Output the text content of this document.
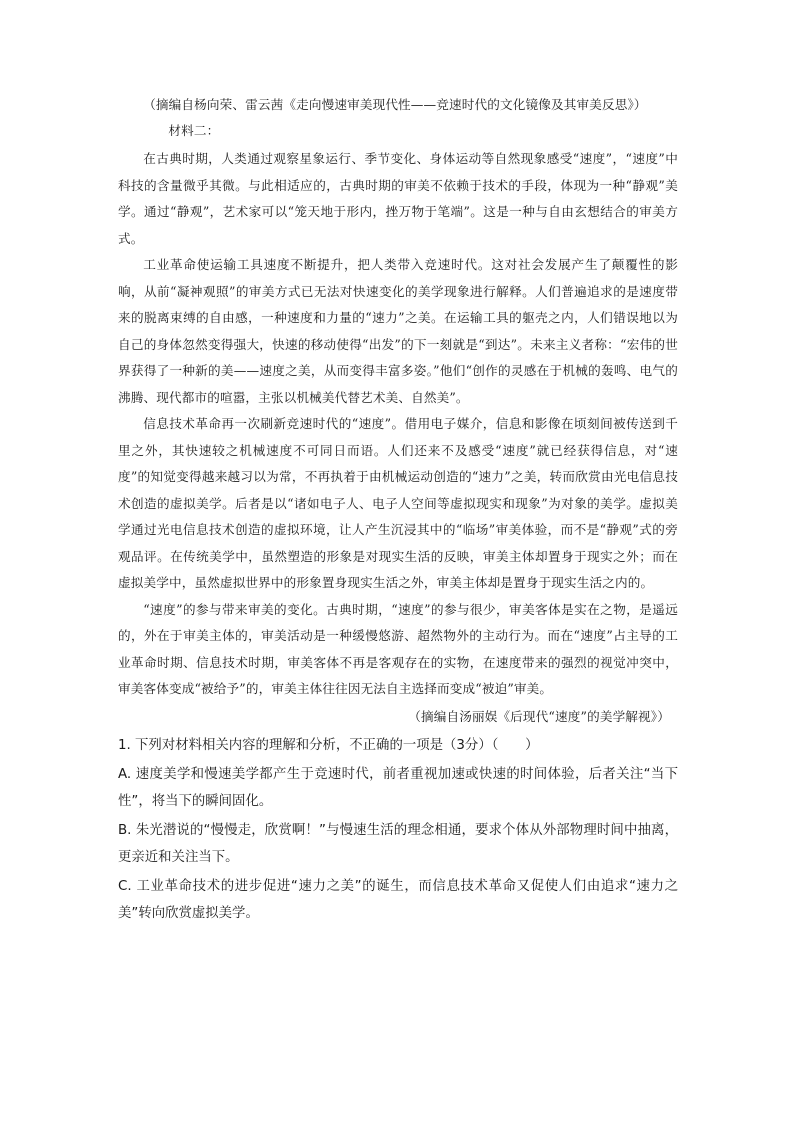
（摘编自杨向荣、雷云茜《走向慢速审美现代性——竞速时代的文化镜像及其审美反思》）

材料二：

在古典时期，人类通过观察星象运行、季节变化、身体运动等自然现象感受“速度”，“速度”中科技的含量微乎其微。与此相适应的，古典时期的审美不依赖于技术的手段，体现为一种“静观”美学。通过“静观”，艺术家可以“笼天地于形内，挫万物于笔端”。这是一种与自由玄想结合的审美方式。

工业革命使运输工具速度不断提升，把人类带入竞速时代。这对社会发展产生了颠覆性的影响，从前“凝神观照”的审美方式已无法对快速变化的美学现象进行解释。人们普遍追求的是速度带来的脱离束缚的自由感，一种速度和力量的“速力”之美。在运输工具的躯壳之内，人们错误地以为自己的身体忽然变得强大，快速的移动使得“出发”的下一刻就是“到达”。未来主义者称：“宏伟的世界获得了一种新的美——速度之美，从而变得丰富多姿。”他们“创作的灵感在于机械的轰鸣、电气的沸腾、现代都市的喧嚣，主张以机械美代替艺术美、自然美”。

信息技术革命再一次刷新竞速时代的“速度”。借用电子媒介，信息和影像在顷刻间被传送到千里之外，其快速较之机械速度不可同日而语。人们还来不及感受“速度”就已经获得信息，对“速度”的知觉变得越来越习以为常，不再执着于由机械运动创造的“速力”之美，转而欣赏由光电信息技术创造的虚拟美学。后者是以“诸如电子人、电子人空间等虚拟现实和现象”为对象的美学。虚拟美学通过光电信息技术创造的虚拟环境，让人产生沉浸其中的“临场”审美体验，而不是“静观”式的旁观品评。在传统美学中，虽然塑造的形象是对现实生活的反映，审美主体却置身于现实之外；而在虚拟美学中，虽然虚拟世界中的形象置身现实生活之外，审美主体却是置身于现实生活之内的。

“速度”的参与带来审美的变化。古典时期，“速度”的参与很少，审美客体是实在之物，是遥远的，外在于审美主体的，审美活动是一种缓慢悠游、超然物外的主动行为。而在“速度”占主导的工业革命时期、信息技术时期，审美客体不再是客观存在的实物，在速度带来的强烈的视觉冲突中，审美客体变成“被给予”的，审美主体往往因无法自主选择而变成“被迫”审美。

（摘编自汤丽娱《后现代“速度”的美学解视》）

1. 下列对材料相关内容的理解和分析，不正确的一项是（3分）（　　）

A. 速度美学和慢速美学都产生于竞速时代，前者重视加速或快速的时间体验，后者关注“当下性”，将当下的瞬间固化。

B. 朱光潜说的“慢慢走，欣赏啊！”与慢速生活的理念相通，要求个体从外部物理时间中抽离，更亲近和关注当下。

C. 工业革命技术的进步促进“速力之美”的诞生，而信息技术革命又促使人们由追求“速力之美”转向欣赏虚拟美学。
